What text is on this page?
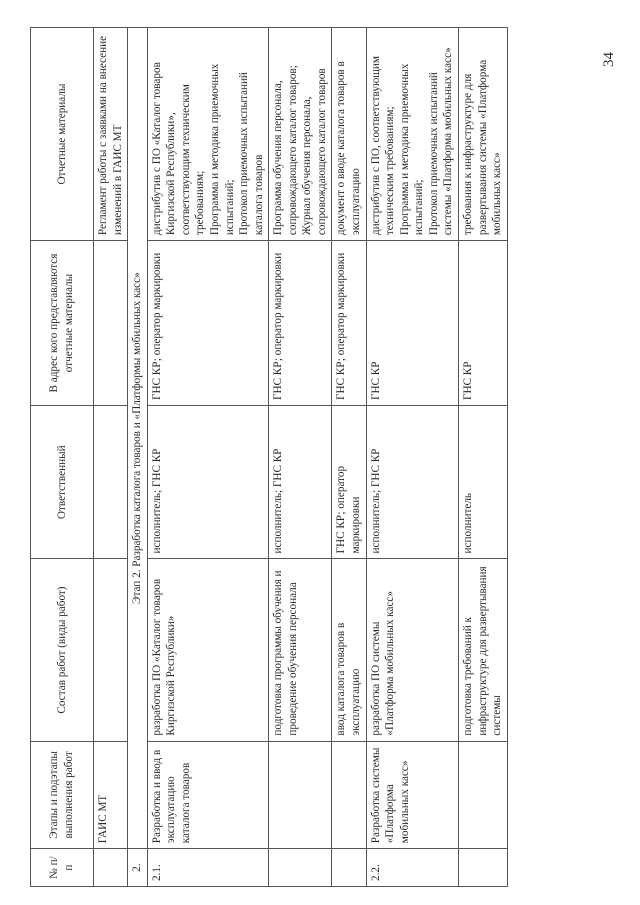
34
№ п/п	Этапы и подэтапы выполнения работ	Состав работ (виды работ)	Ответственный	В адрес кого представляются отчетные материалы	Отчетные материалы
	ГАИС МТ				Регламент работы с заявками на внесение изменений в ГАИС МТ
2.	Этап 2. Разработка каталога товаров и «Платформы мобильных касс»				
2.1.	Разработка и ввод в эксплуатацию каталога товаров	разработка ПО «Каталог товаров Киргизской Республики»	исполнитель; ГНС КР	ГНС КР; оператор маркировки	дистрибутив с ПО «Каталог товаров Киргизской Республики», соответствующим техническим требованиям; Программа и методика приемочных испытаний; Протокол приемочных испытаний каталога товаров

		подготовка программы обучения и проведение обучения персонала	исполнитель; ГНС КР	ГНС КР; оператор маркировки	Программа обучения персонала, сопровождающего каталог товаров; Журнал обучения персонала, сопровождающего каталог товаров

		ввод каталога товаров в эксплуатацию	ГНС КР; оператор маркировки	ГНС КР; оператор маркировки	документ о вводе каталога товаров в эксплуатацию

2.2.	Разработка системы «Платформа мобильных касс»	разработка ПО системы «Платформа мобильных касс»	исполнитель; ГНС КР	ГНС КР	дистрибутив с ПО, соответствующим техническим требованиям; Программа и методика приемочных испытаний; Протокол приемочных испытаний системы «Платформа мобильных касс»

		подготовка требований к инфраструктуре для развертывания системы	исполнитель	ГНС КР	требования к инфраструктуре для развертывания системы «Платформа мобильных касс»
